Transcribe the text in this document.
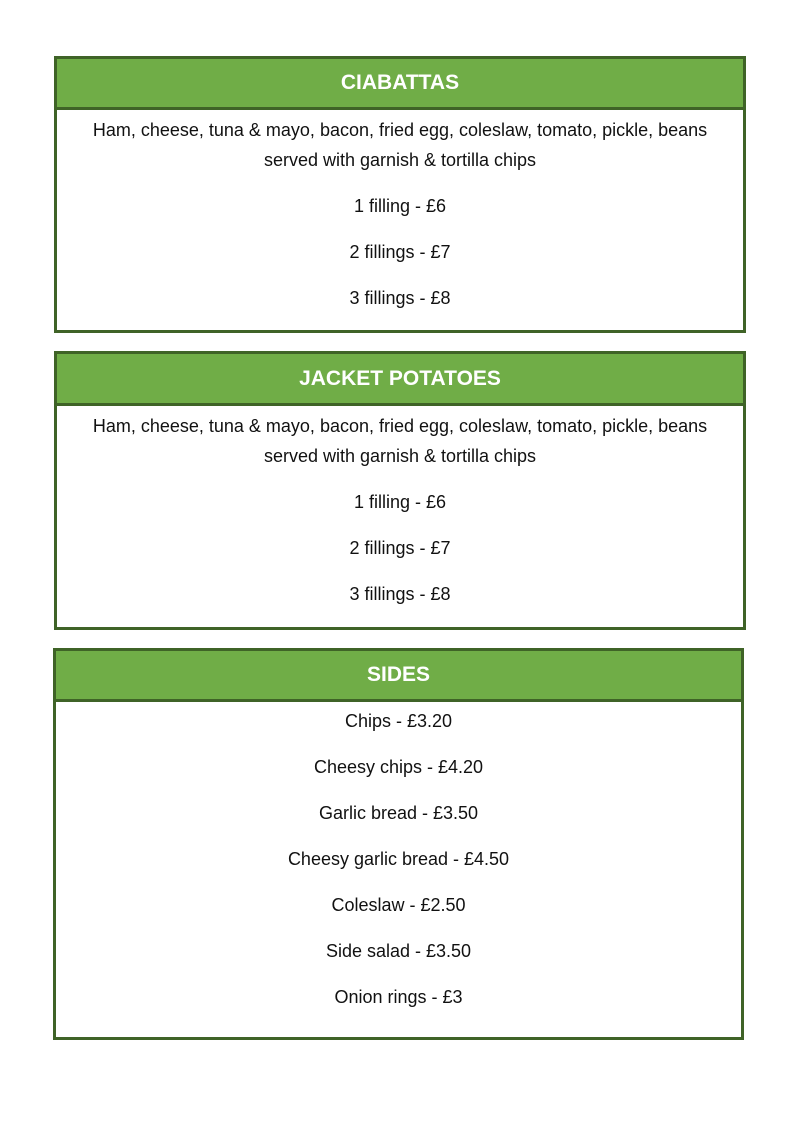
CIABATTAS
Ham, cheese, tuna & mayo, bacon, fried egg, coleslaw, tomato, pickle, beans
served with garnish & tortilla chips
1 filling - £6
2 fillings - £7
3 fillings - £8
JACKET POTATOES
Ham, cheese, tuna & mayo, bacon, fried egg, coleslaw, tomato, pickle, beans
served with garnish & tortilla chips
1 filling - £6
2 fillings - £7
3 fillings - £8
SIDES
Chips - £3.20
Cheesy chips - £4.20
Garlic bread - £3.50
Cheesy garlic bread - £4.50
Coleslaw - £2.50
Side salad - £3.50
Onion rings - £3
